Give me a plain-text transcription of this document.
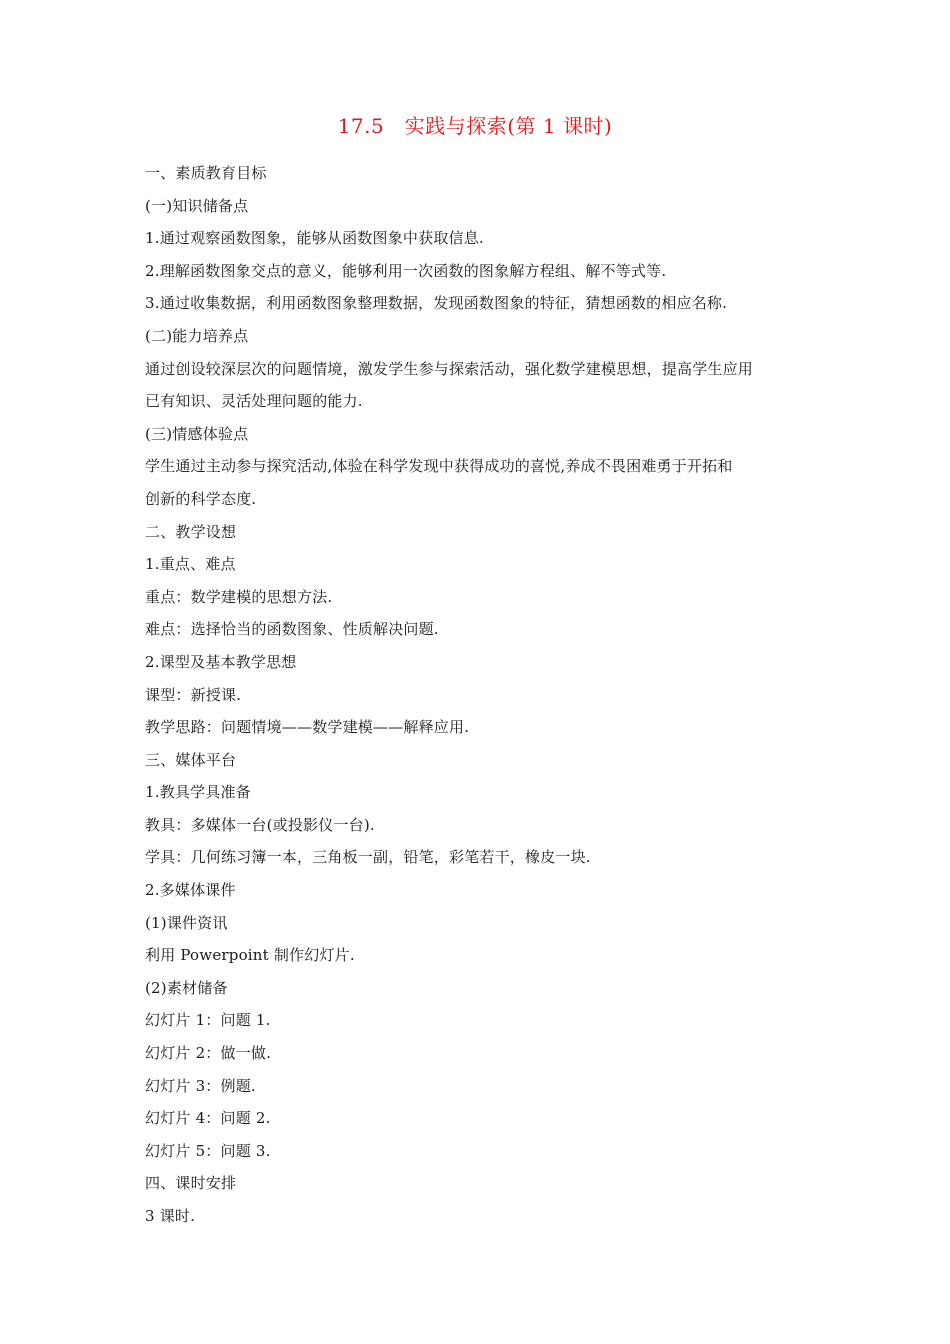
17.5　实践与探索(第 1 课时)
一、素质教育目标
(一)知识储备点
1.通过观察函数图象，能够从函数图象中获取信息.
2.理解函数图象交点的意义，能够利用一次函数的图象解方程组、解不等式等.
3.通过收集数据，利用函数图象整理数据，发现函数图象的特征，猜想函数的相应名称.
(二)能力培养点
通过创设较深层次的问题情境，激发学生参与探索活动，强化数学建模思想，提高学生应用
已有知识、灵活处理问题的能力.
(三)情感体验点
学生通过主动参与探究活动,体验在科学发现中获得成功的喜悦,养成不畏困难勇于开拓和
创新的科学态度.
二、教学设想
1.重点、难点
重点：数学建模的思想方法.
难点：选择恰当的函数图象、性质解决问题.
2.课型及基本教学思想
课型：新授课.
教学思路：问题情境——数学建模——解释应用.
三、媒体平台
1.教具学具准备
教具：多媒体一台(或投影仪一台).
学具：几何练习簿一本，三角板一副，铅笔，彩笔若干，橡皮一块.
2.多媒体课件
(1)课件资讯
利用 Powerpoint 制作幻灯片.
(2)素材储备
幻灯片 1：问题 1.
幻灯片 2：做一做.
幻灯片 3：例题.
幻灯片 4：问题 2.
幻灯片 5：问题 3.
四、课时安排
3 课时.
